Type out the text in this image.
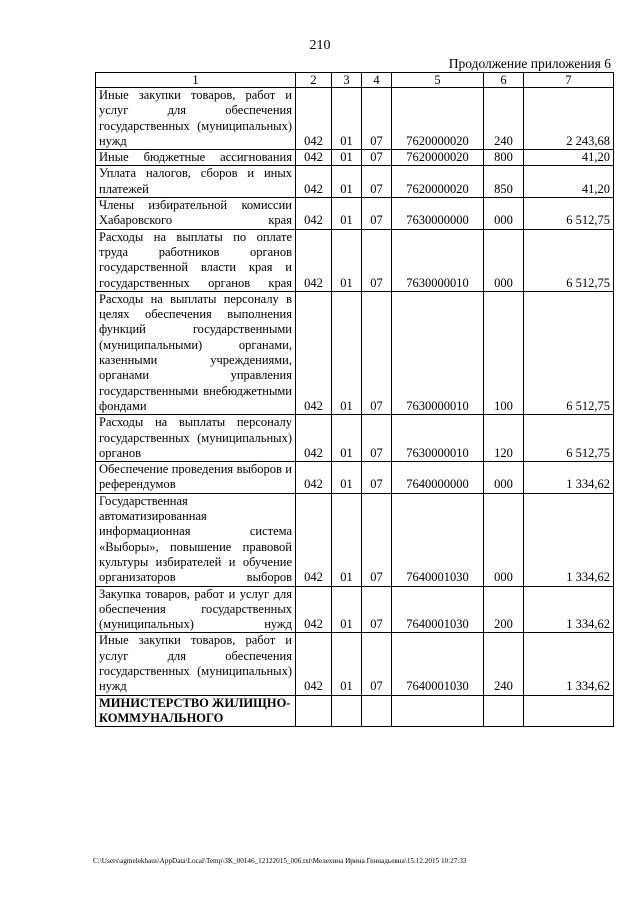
210
Продолжение приложения 6
1	2	3	4	5	6	7
Иные закупки товаров, работ и услуг для обеспечения государственных (муниципальных) нужд	042	01	07	7620000020	240	2 243,68
Иные бюджетные ассигнования	042	01	07	7620000020	800	41,20
Уплата налогов, сборов и иных платежей	042	01	07	7620000020	850	41,20
Члены избирательной комиссии Хабаровского края	042	01	07	7630000000	000	6 512,75
Расходы на выплаты по оплате труда работников органов государственной власти края и государственных органов края	042	01	07	7630000010	000	6 512,75
Расходы на выплаты персоналу в целях обеспечения выполнения функций государственными (муниципальными) органами, казенными учреждениями, органами управления государственными внебюджетными фондами	042	01	07	7630000010	100	6 512,75
Расходы на выплаты персоналу государственных (муниципальных) органов	042	01	07	7630000010	120	6 512,75
Обеспечение проведения выборов и референдумов	042	01	07	7640000000	000	1 334,62
Государственная автоматизированная информационная система «Выборы», повышение правовой культуры избирателей и обучение организаторов выборов	042	01	07	7640001030	000	1 334,62
Закупка товаров, работ и услуг для обеспечения государственных (муниципальных) нужд	042	01	07	7640001030	200	1 334,62
Иные закупки товаров, работ и услуг для обеспечения государственных (муниципальных) нужд	042	01	07	7640001030	240	1 334,62
МИНИСТЕРСТВО ЖИЛИЩНО-КОММУНАЛЬНОГО						
C:\Users\agmelekhaus\AppData\Local\Temp\3K_00146_12122015_006.txt\Мелехина Ирина Геннадьевна\15.12.2015 10:27:33
